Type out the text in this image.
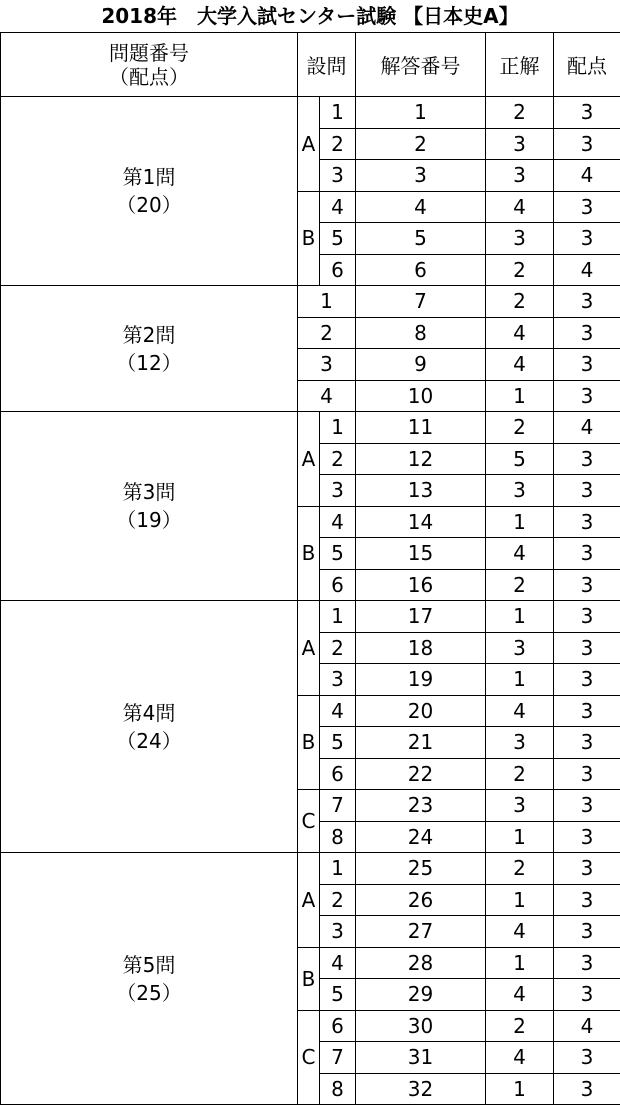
2018年　大学入試センター試験 【日本史A】
問題番号
（配点）	設問		解答番号	正解	配点

第1問
（20）	A	1	1	2	3
		2	2	3	3
		3	3	3	4
	B	4	4	4	3
		5	5	3	3
		6	6	2	4

第2問
（12）	1		7	2	3
	2		8	4	3
	3		9	4	3
	4		10	1	3

第3問
（19）	A	1	11	2	4
		2	12	5	3
		3	13	3	3
	B	4	14	1	3
		5	15	4	3
		6	16	2	3

第4問
（24）	A	1	17	1	3
		2	18	3	3
		3	19	1	3
	B	4	20	4	3
		5	21	3	3
		6	22	2	3
	C	7	23	3	3
		8	24	1	3

第5問
（25）	A	1	25	2	3
		2	26	1	3
		3	27	4	3
	B	4	28	1	3
		5	29	4	3
	C	6	30	2	4
		7	31	4	3
		8	32	1	3
